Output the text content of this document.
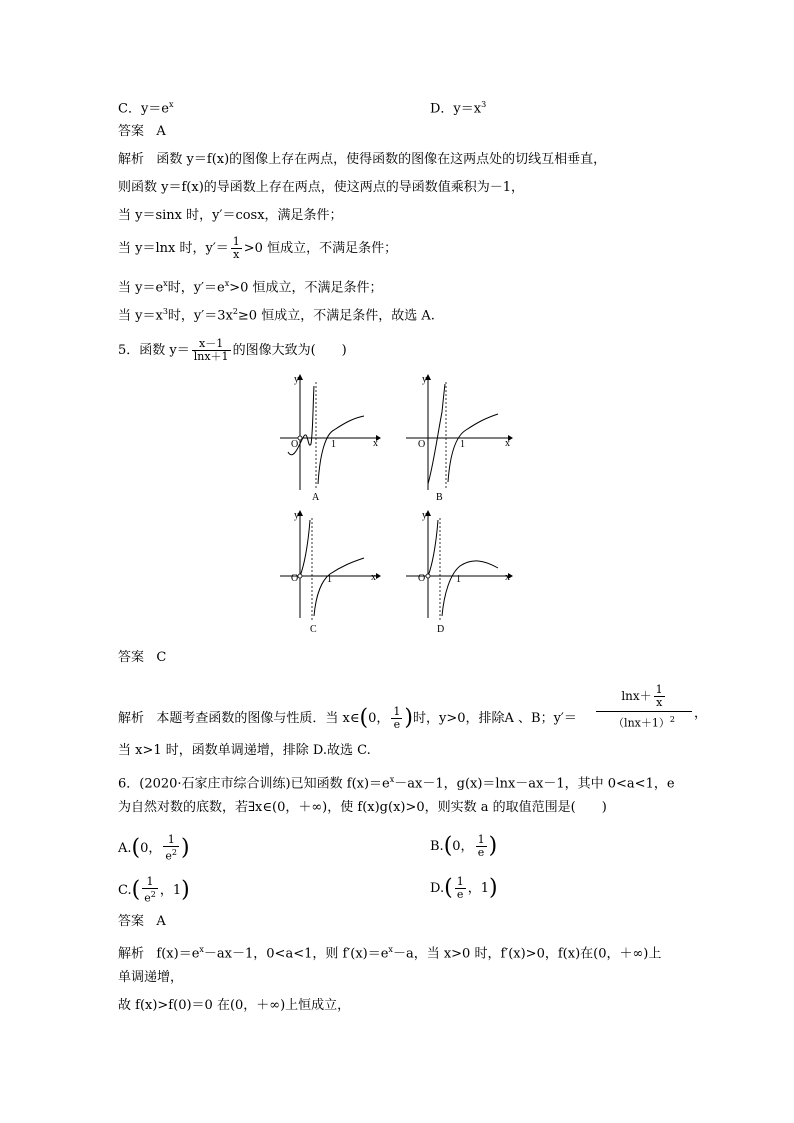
C．$y=e^x$	D．$y=x^3$
答案 A
解析 函数 y＝f(x)的图像上存在两点，使得函数的图像在这两点处的切线互相垂直，
则函数 y＝f(x)的导函数上存在两点，使这两点的导函数值乘积为－1，
当 y＝sinx 时，y′＝cosx，满足条件；
当 y＝lnx 时，$y'= \frac{1}{x} >0$ 恒成立，不满足条件；
当 $y=e^x$时，$y'=e^x>0$ 恒成立，不满足条件；
当 $y=x^3$时，$y'=3x^2\ge 0$ 恒成立，不满足条件，故选 A.
5．函数 $y= \frac{x-1}{\ln x+1}$ 的图像大致为(　　)
y
x
O	1
A
y
x
O	1
B
y
x
O	1
C
y
x
O	1
D
答案 C
解析 本题考查函数的图像与性质．当 x∈(0， $\frac{1}{e}$ )时，y>0，排除A 、B；y′＝
$\ln x+ \frac{1}{x}$
$(\ln x+1)^2$	，
当 x>1 时，函数单调递增，排除 D.故选 C.
6．(2020·石家庄市综合训练)已知函数 $f(x)=e^x-ax-1$，g(x)＝lnx－ax－1，其中 0<a<1，e
为自然对数的底数，若∃x∈(0，＋∞)，使 f(x)g(x)>0，则实数 a 的取值范围是(　　)
A.(0， $\frac{1}{e^2}$ )	B.(0， $\frac{1}{e}$ )
$C.( \frac{1}{e^2}$ ，1)	$D.( \frac{1}{e}$ ，1)
答案 A
解析 $f(x)=e^x-ax-1$，0<a<1，则 $f'(x)=e^x-a$，当 x>0 时，f′(x)>0，f(x)在(0，＋∞)上
单调递增，
故 f(x)>f(0)＝0 在(0，＋∞)上恒成立，
